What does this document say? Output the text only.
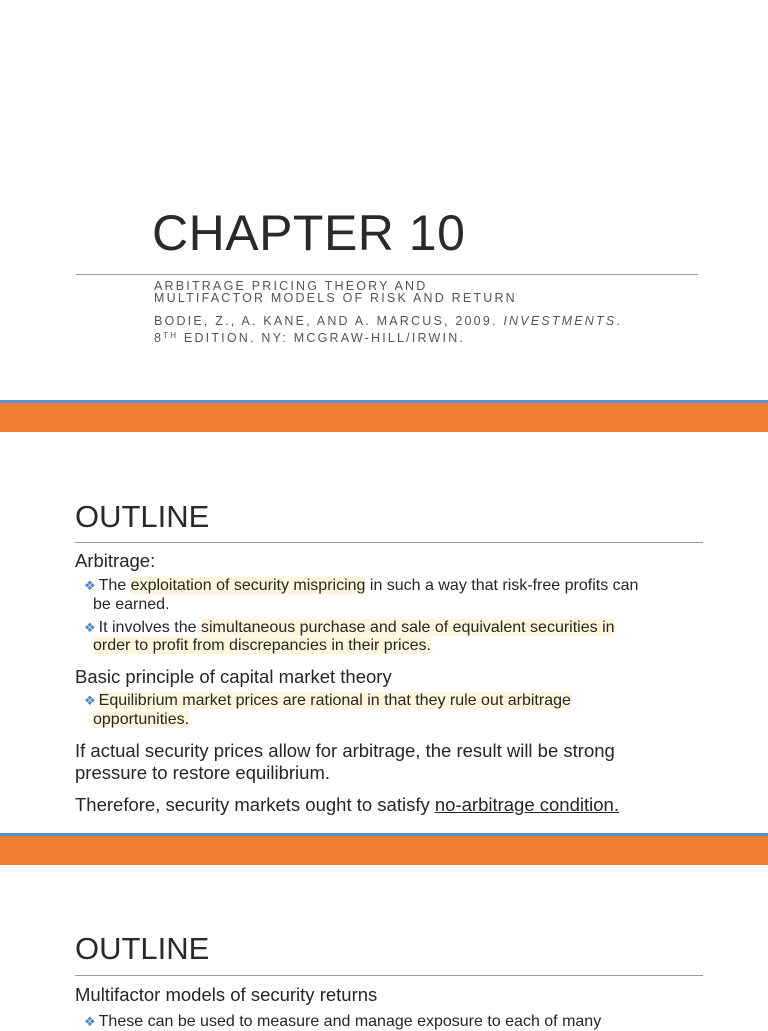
CHAPTER 10
ARBITRAGE PRICING THEORY AND
MULTIFACTOR MODELS OF RISK AND RETURN
BODIE, Z., A. KANE, AND A. MARCUS, 2009. INVESTMENTS.
8TH EDITION. NY: MCGRAW-HILL/IRWIN.
OUTLINE
Arbitrage:
❖ The exploitation of security mispricing in such a way that risk-free profits can
be earned.
❖ It involves the simultaneous purchase and sale of equivalent securities in
order to profit from discrepancies in their prices.
Basic principle of capital market theory
❖ Equilibrium market prices are rational in that they rule out arbitrage
opportunities.
If actual security prices allow for arbitrage, the result will be strong
pressure to restore equilibrium.
Therefore, security markets ought to satisfy no-arbitrage condition.
OUTLINE
Multifactor models of security returns
❖ These can be used to measure and manage exposure to each of many
